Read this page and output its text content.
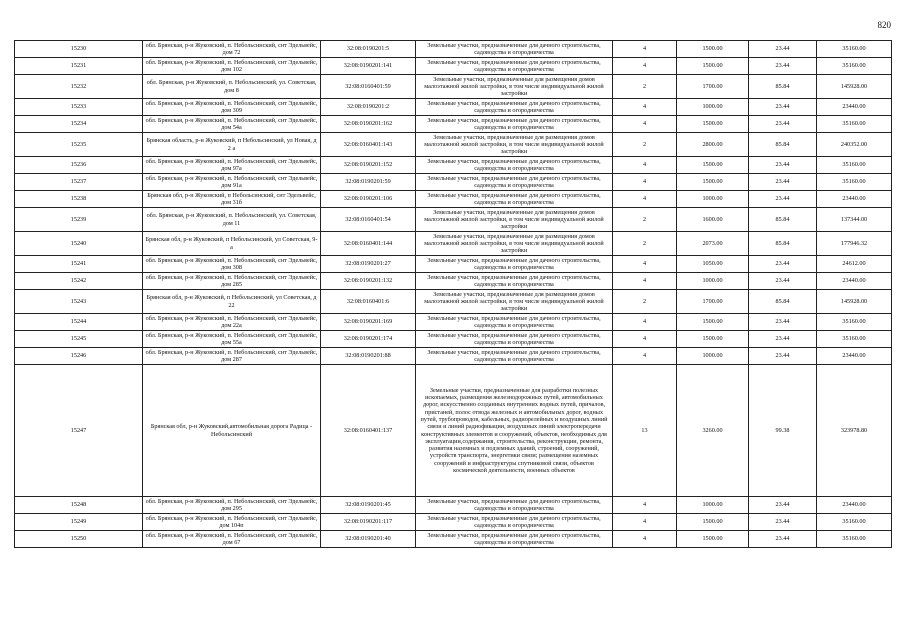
820
15230	обл. Брянская, р-н Жуковский, п. Небольсинский, снт Эдельвейс, дом 72	32:08:0190201:5	Земельные участки, предназначенные для дачного строительства, садоводства и огородничества	4	1500.00	23.44	35160.00
15231	обл. Брянская, р-н Жуковский, п. Небольсинский, снт Эдельвейс, дом 102	32:08:0190201:141	Земельные участки, предназначенные для дачного строительства, садоводства и огородничества	4	1500.00	23.44	35160.00
15232	обл. Брянская, р-н Жуковский, п. Небольсинский, ул. Советская, дом 8	32:08:0160401:59	Земельные участки, предназначенные для размещения домов малоэтажной жилой застройки, в том числе индивидуальной жилой застройки	2	1700.00	85.84	145928.00
15233	обл. Брянская, р-н Жуковский, п. Небольсинский, снт Эдельвейс, дом 309	32:08:0190201:2	Земельные участки, предназначенные для дачного строительства, садоводства и огородничества	4	1000.00	23.44	23440.00
15234	обл. Брянская, р-н Жуковский, п. Небольсинский, снт Эдельвейс, дом 54а	32:08:0190201:162	Земельные участки, предназначенные для дачного строительства, садоводства и огородничества	4	1500.00	23.44	35160.00
15235	Брянская область, р-н Жуковский, п Небольсинский, ул Новая, д 2 а	32:08:0160401:143	Земельные участки, предназначенные для размещения домов малоэтажной жилой застройки, в том числе индивидуальной жилой застройки	2	2800.00	85.84	240352.00
15236	обл. Брянская, р-н Жуковский, п. Небольсинский, снт Эдельвейс, дом 97а	32:08:0190201:152	Земельные участки, предназначенные для дачного строительства, садоводства и огородничества	4	1500.00	23.44	35160.00
15237	обл. Брянская, р-н Жуковский, п. Небольсинский, снт Эдельвейс, дом 91а	32:08:0190201:59	Земельные участки, предназначенные для дачного строительства, садоводства и огородничества	4	1500.00	23.44	35160.00
15238	Брянская обл, р-н Жуковский, п Небольсинский, снт Эдельвейс, дом 31б	32:08:0190201:106	Земельные участки, предназначенные для дачного строительства, садоводства и огородничества	4	1000.00	23.44	23440.00
15239	обл. Брянская, р-н Жуковский, п. Небольсинский, ул. Советская, дом 11	32:08:0160401:54	Земельные участки, предназначенные для размещения домов малоэтажной жилой застройки, в том числе индивидуальной жилой застройки	2	1600.00	85.84	137344.00
15240	Брянская обл, р-н Жуковский, п Небольсинский, ул Советская, 9-а	32:08:0160401:144	Земельные участки, предназначенные для размещения домов малоэтажной жилой застройки, в том числе индивидуальной жилой застройки	2	2073.00	85.84	177946.32
15241	обл. Брянская, р-н Жуковский, п. Небольсинский, снт Эдельвейс, дом 308	32:08:0190201:27	Земельные участки, предназначенные для дачного строительства, садоводства и огородничества	4	1050.00	23.44	24612.00
15242	обл. Брянская, р-н Жуковский, п. Небольсинский, снт Эдельвейс, дом 285	32:08:0190201:132	Земельные участки, предназначенные для дачного строительства, садоводства и огородничества	4	1000.00	23.44	23440.00
15243	Брянская обл, р-н Жуковский, п Небольсинский, ул Советская, д 22	32:08:0160401:6	Земельные участки, предназначенные для размещения домов малоэтажной жилой застройки, в том числе индивидуальной жилой застройки	2	1700.00	85.84	145928.00
15244	обл. Брянская, р-н Жуковский, п. Небольсинский, снт Эдельвейс, дом 22а	32:08:0190201:169	Земельные участки, предназначенные для дачного строительства, садоводства и огородничества	4	1500.00	23.44	35160.00
15245	обл. Брянская, р-н Жуковский, п. Небольсинский, снт Эдельвейс, дом 55а	32:08:0190201:174	Земельные участки, предназначенные для дачного строительства, садоводства и огородничества	4	1500.00	23.44	35160.00
15246	обл. Брянская, р-н Жуковский, п. Небольсинский, снт Эдельвейс, дом 287	32:08:0190201:88	Земельные участки, предназначенные для дачного строительства, садоводства и огородничества	4	1000.00	23.44	23440.00
15247	Брянская обл, р-н Жуковский,автомобильная дорога Радица - Небольсинский	32:08:0160401:137	Земельные участки, предназначенные для разработки полезных ископаемых, размещения железнодорожных путей, автомобильных дорог, искусственно созданных внутренних водных путей, причалов, пристаней, полос отвода железных и автомобильных дорог, водных путей, трубопроводов, кабельных, радиорелейных и воздушных линий связи и линий радиофикации, воздушных линий электропередачи конструктивных элементов и сооружений, объектов, необходимых для эксплуатации,содержания, строительства, реконструкции, ремонта, развития наземных и подземных зданий, строений, сооружений, устройств транспорта, энергетики связи; размещения наземных сооружений и инфраструктуры спутниковой связи, объектов космической деятельности, военных объектов	13	3260.00	99.38	323978.80
15248	обл. Брянская, р-н Жуковский, п. Небольсинский, снт Эдельвейс, дом 295	32:08:0190201:45	Земельные участки, предназначенные для дачного строительства, садоводства и огородничества	4	1000.00	23.44	23440.00
15249	обл. Брянская, р-н Жуковский, п. Небольсинский, снт Эдельвейс, дом 104п	32:08:0190201:117	Земельные участки, предназначенные для дачного строительства, садоводства и огородничества	4	1500.00	23.44	35160.00
15250	обл. Брянская, р-н Жуковский, п. Небольсинский, снт Эдельвейс, дом 67	32:08:0190201:40	Земельные участки, предназначенные для дачного строительства, садоводства и огородничества	4	1500.00	23.44	35160.00
